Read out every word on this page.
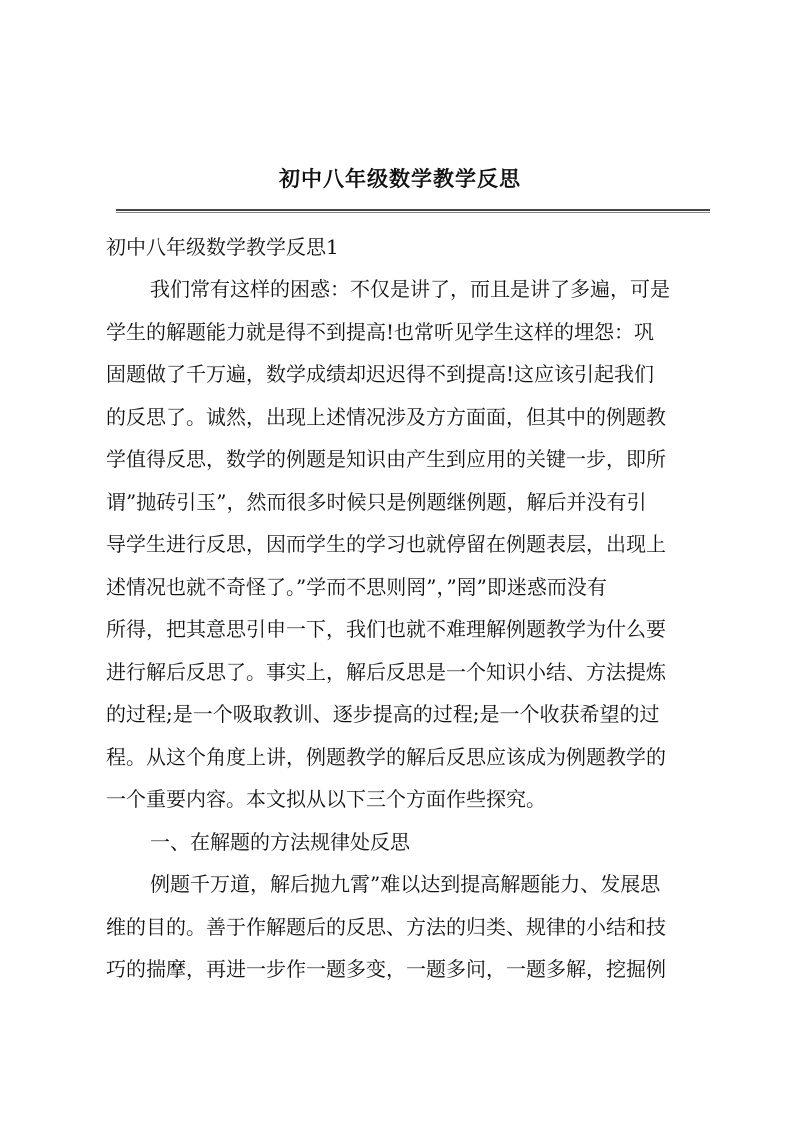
初中八年级数学教学反思
初中八年级数学教学反思1
我们常有这样的困惑：不仅是讲了，而且是讲了多遍，可是
学生的解题能力就是得不到提高!也常听见学生这样的埋怨：巩
固题做了千万遍，数学成绩却迟迟得不到提高!这应该引起我们
的反思了。诚然，出现上述情况涉及方方面面，但其中的例题教
学值得反思，数学的例题是知识由产生到应用的关键一步，即所
谓”抛砖引玉”，然而很多时候只是例题继例题，解后并没有引
导学生进行反思，因而学生的学习也就停留在例题表层，出现上
述情况也就不奇怪了。”学而不思则罔”，”罔”即迷惑而没有
所得，把其意思引申一下，我们也就不难理解例题教学为什么要
进行解后反思了。事实上，解后反思是一个知识小结、方法提炼
的过程;是一个吸取教训、逐步提高的过程;是一个收获希望的过
程。从这个角度上讲，例题教学的解后反思应该成为例题教学的
一个重要内容。本文拟从以下三个方面作些探究。
一、在解题的方法规律处反思
例题千万道，解后抛九霄”难以达到提高解题能力、发展思
维的目的。善于作解题后的反思、方法的归类、规律的小结和技
巧的揣摩，再进一步作一题多变，一题多问，一题多解，挖掘例
